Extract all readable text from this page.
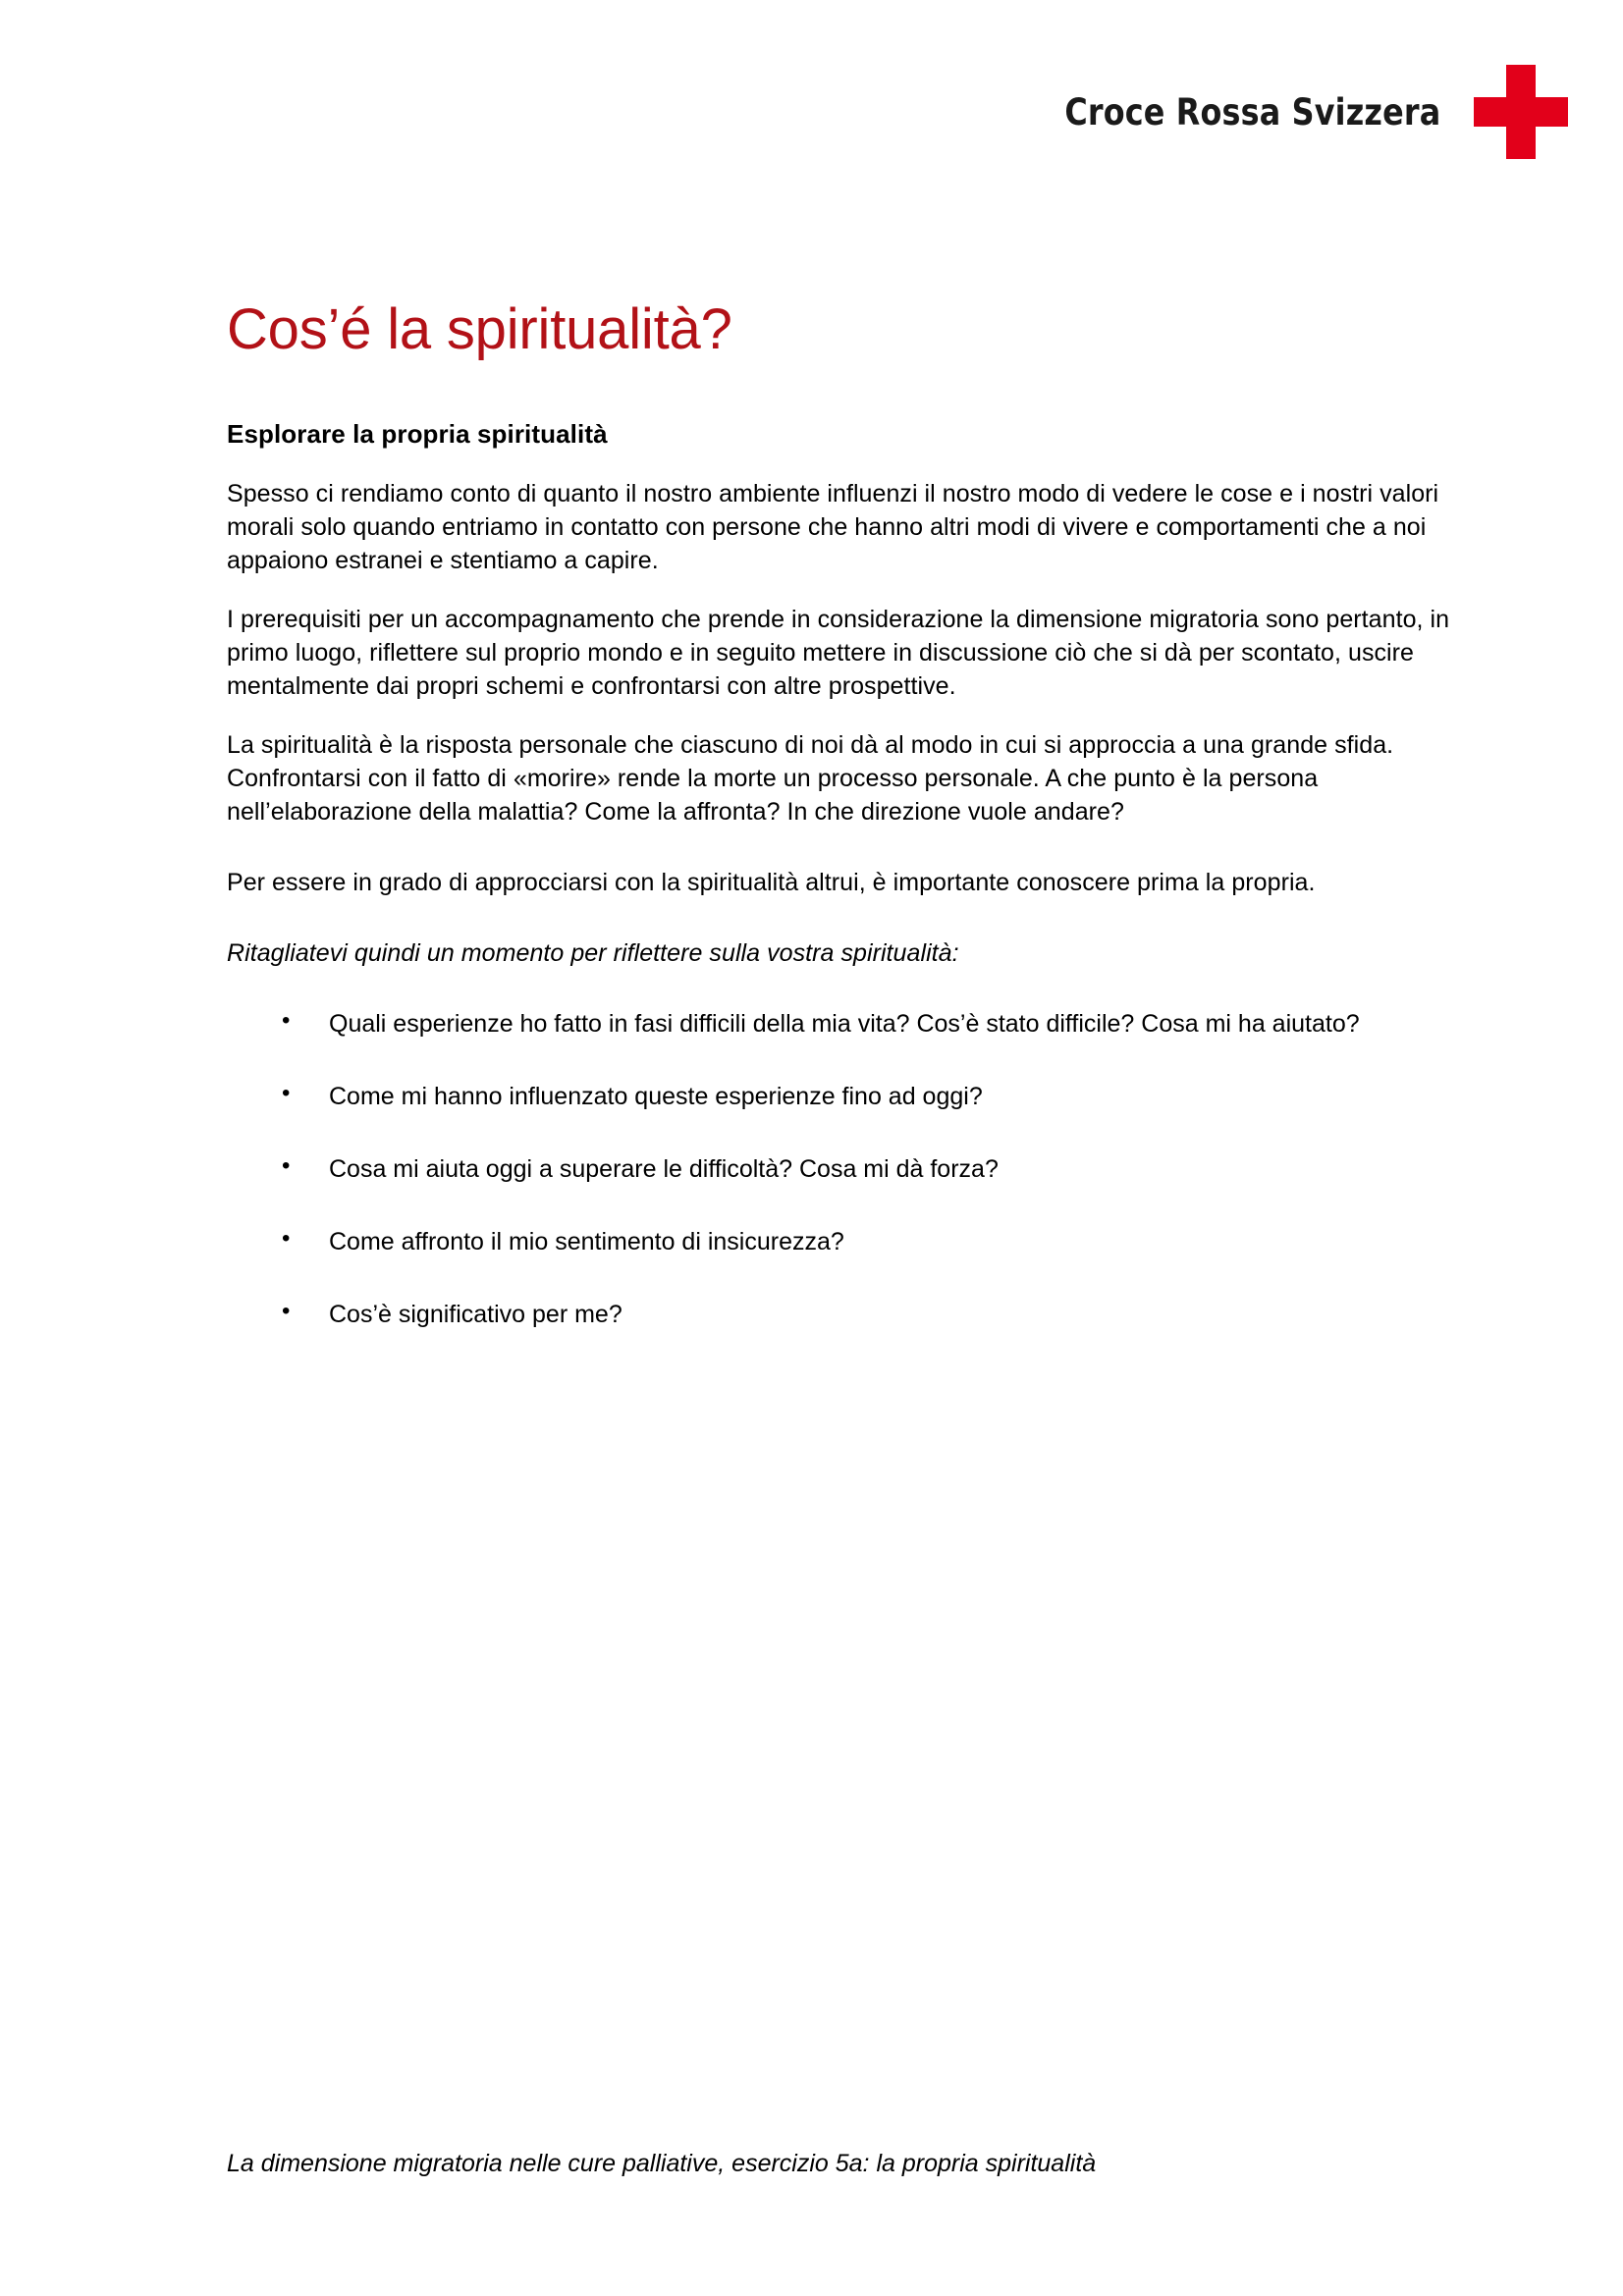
Croce Rossa Svizzera
Cos’é la spiritualità?
Esplorare la propria spiritualità

Spesso ci rendiamo conto di quanto il nostro ambiente influenzi il nostro modo di vedere le cose e i nostri valori morali solo quando entriamo in contatto con persone che hanno altri modi di vivere e comportamenti che a noi appaiono estranei e stentiamo a capire.

I prerequisiti per un accompagnamento che prende in considerazione la dimensione migratoria sono pertanto, in primo luogo, riflettere sul proprio mondo e in seguito mettere in discussione ciò che si dà per scontato, uscire mentalmente dai propri schemi e confrontarsi con altre prospettive.

La spiritualità è la risposta personale che ciascuno di noi dà al modo in cui si approccia a una grande sfida. Confrontarsi con il fatto di «morire» rende la morte un processo personale. A che punto è la persona nell’elaborazione della malattia? Come la affronta? In che direzione vuole andare?

Per essere in grado di approcciarsi con la spiritualità altrui, è importante conoscere prima la propria.

Ritagliatevi quindi un momento per riflettere sulla vostra spiritualità:

• Quali esperienze ho fatto in fasi difficili della mia vita? Cos’è stato difficile? Cosa mi ha aiutato?
• Come mi hanno influenzato queste esperienze fino ad oggi?
• Cosa mi aiuta oggi a superare le difficoltà? Cosa mi dà forza?
• Come affronto il mio sentimento di insicurezza?
• Cos’è significativo per me?
La dimensione migratoria nelle cure palliative, esercizio 5a: la propria spiritualità
